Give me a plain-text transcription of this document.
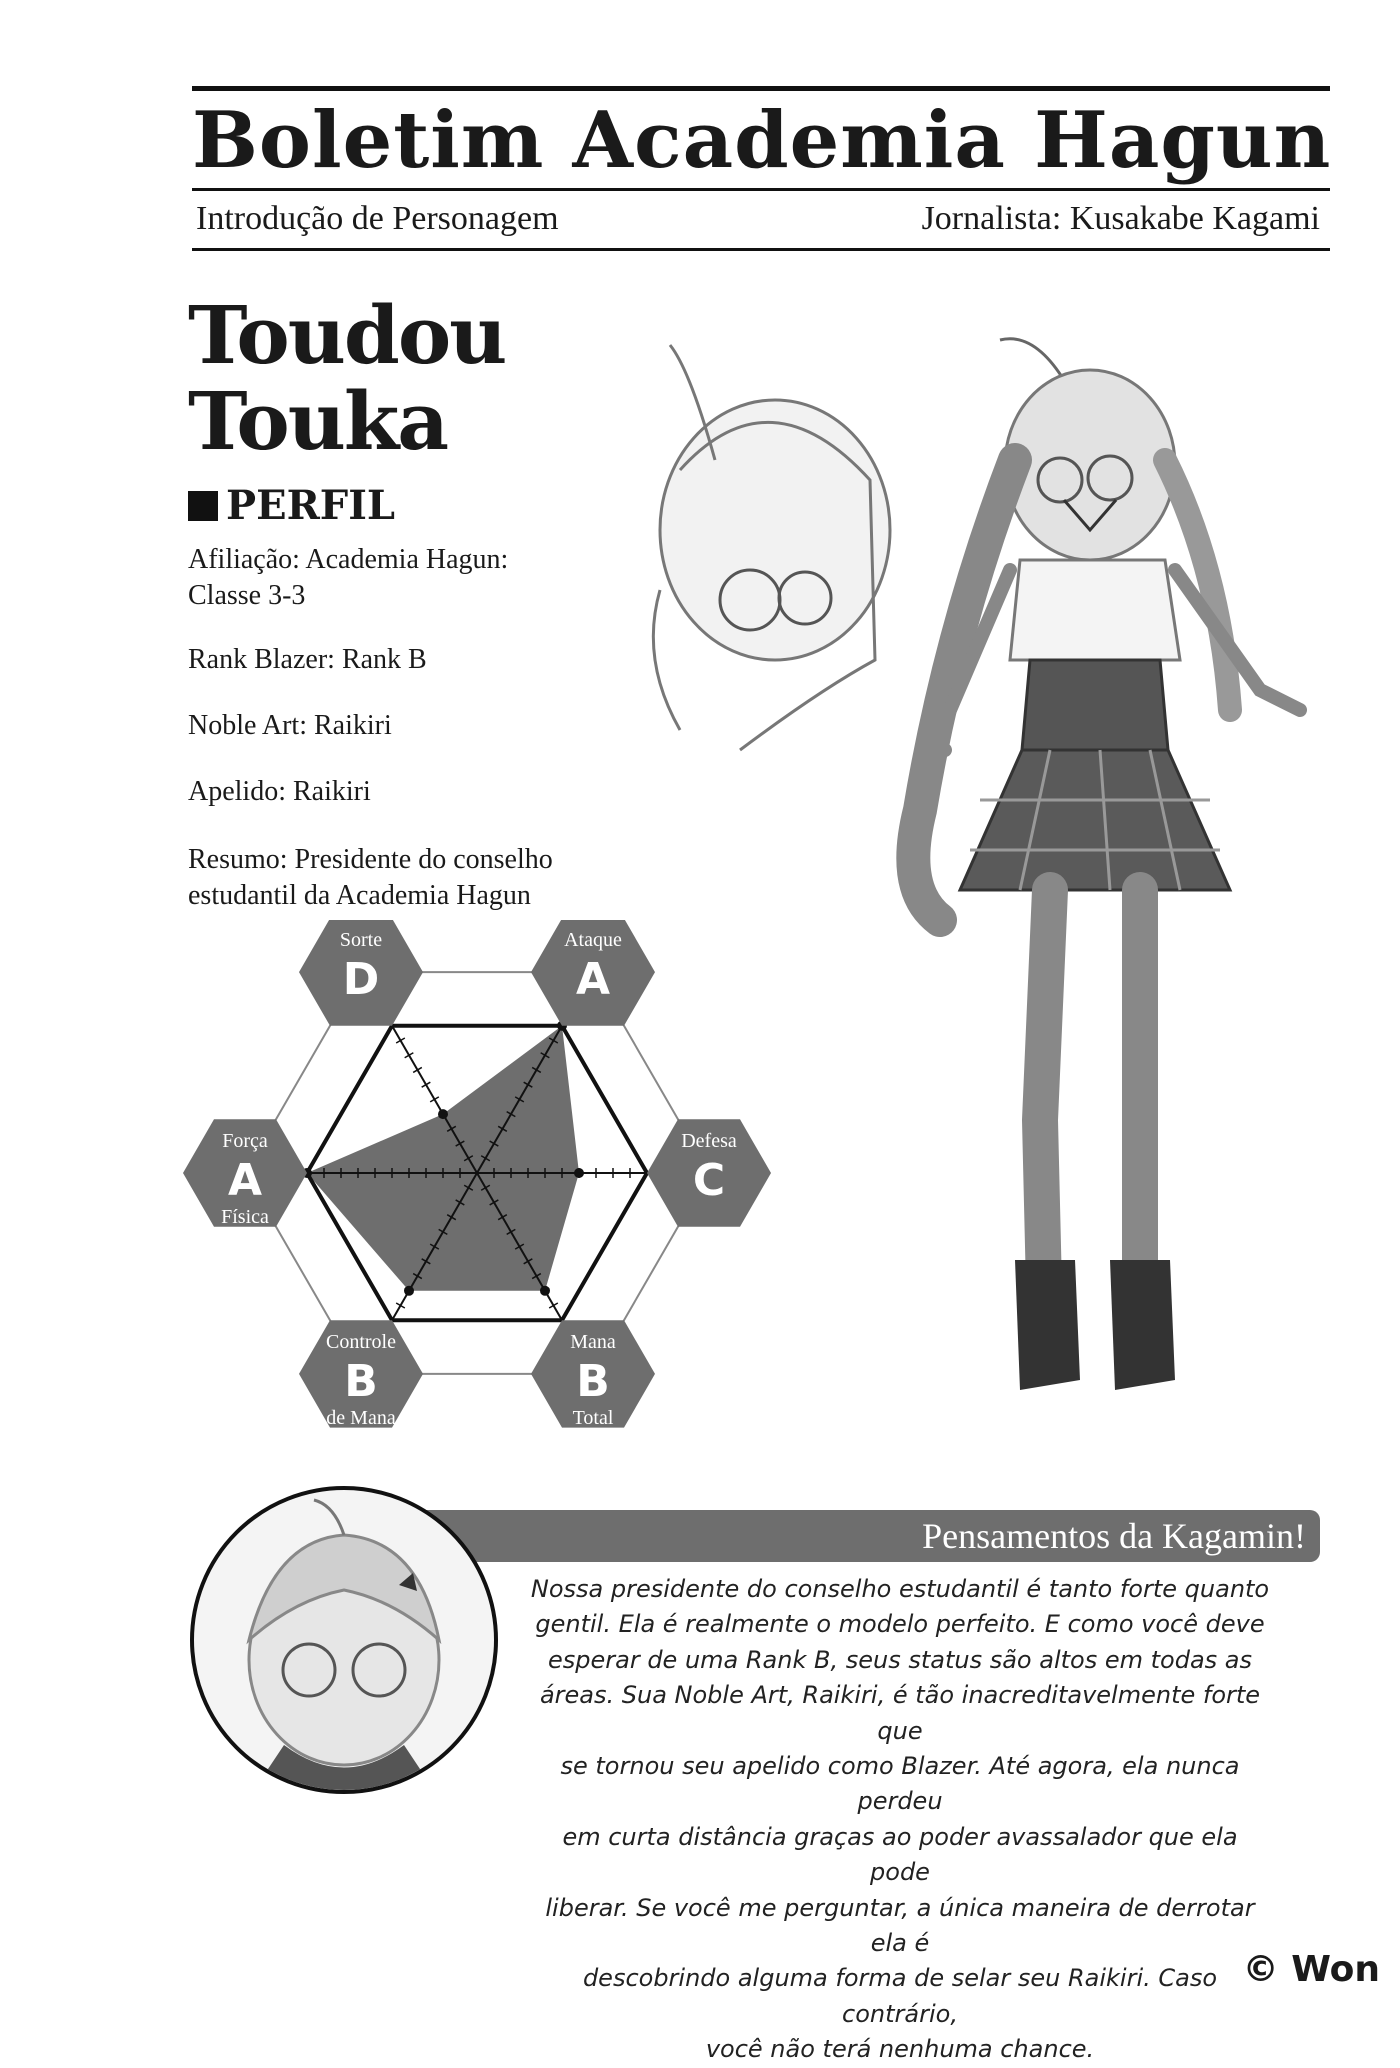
Boletim Academia Hagun
Introdução de Personagem	Jornalista: Kusakabe Kagami
Toudou
Touka
PERFIL
Afiliação: Academia Hagun:
Classe 3-3
Rank Blazer: Rank B
Noble Art: Raikiri
Apelido: Raikiri
Resumo: Presidente do conselho
estudantil da Academia Hagun
Sorte
D
Ataque
A
Defesa
C
Mana
B
Total
Controle
B
de Mana
Força
A
Física
Pensamentos da Kagamin!
Nossa presidente do conselho estudantil é tanto forte quanto
gentil. Ela é realmente o modelo perfeito. E como você deve
esperar de uma Rank B, seus status são altos em todas as
áreas. Sua Noble Art, Raikiri, é tão inacreditavelmente forte que
se tornou seu apelido como Blazer. Até agora, ela nunca perdeu
em curta distância graças ao poder avassalador que ela pode
liberar. Se você me perguntar, a única maneira de derrotar ela é
descobrindo alguma forma de selar seu Raikiri. Caso contrário,
você não terá nenhuma chance.
© Won
